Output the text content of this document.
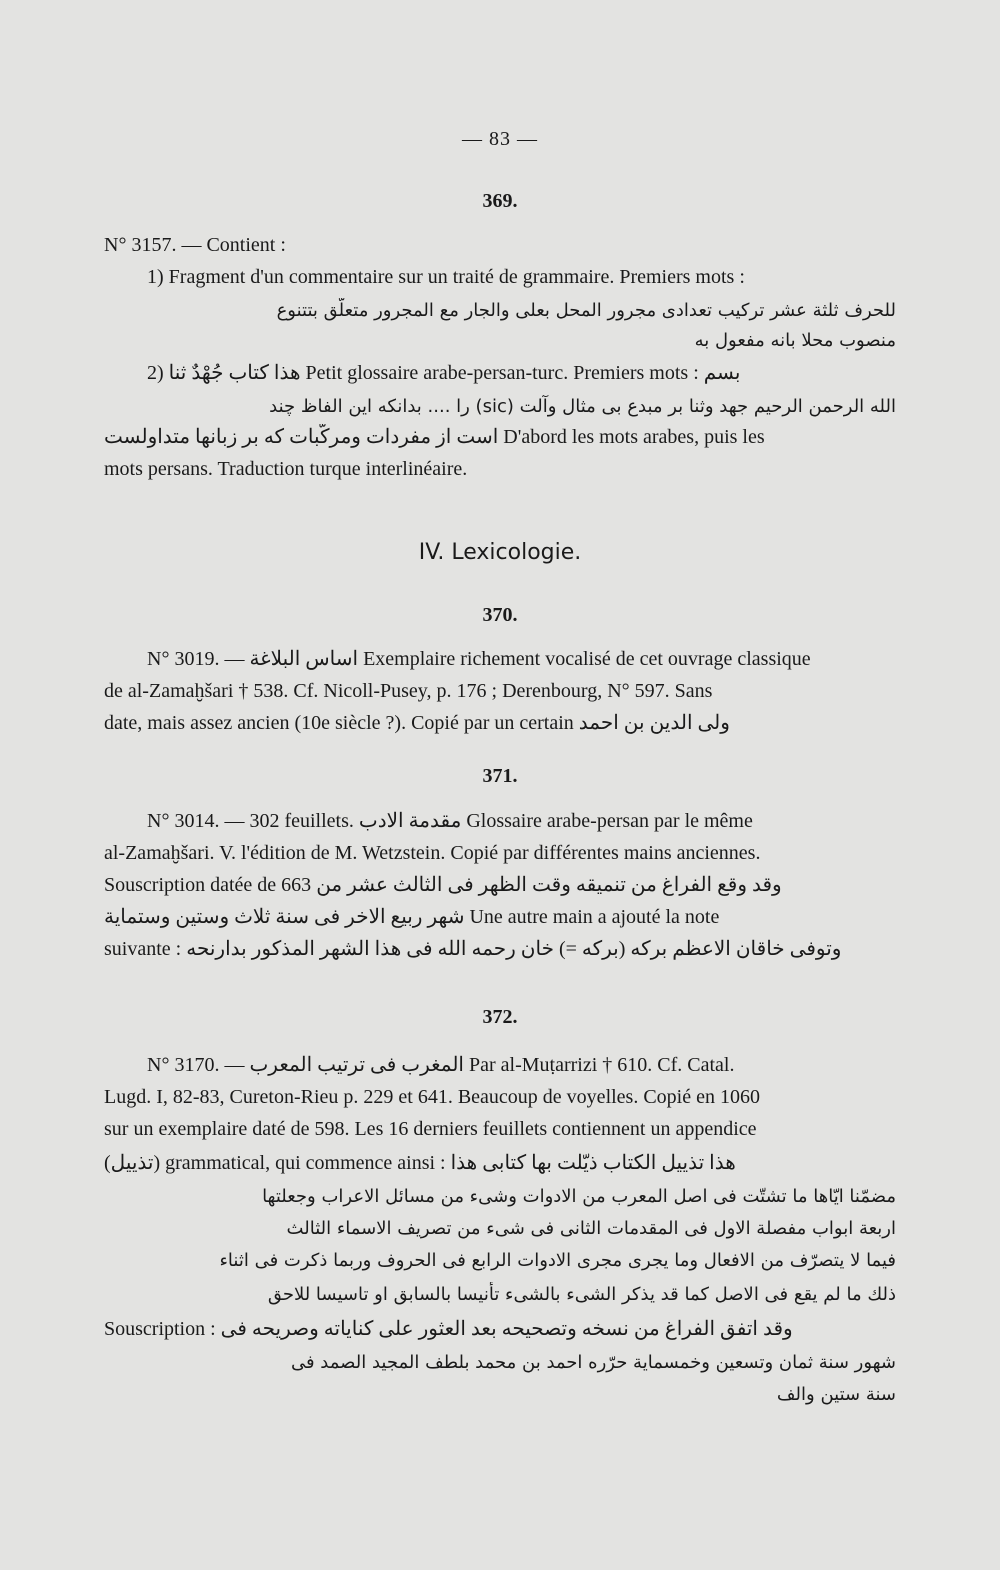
— 83 —
369.
N° 3157. — Contient :
1) Fragment d'un commentaire sur un traité de grammaire. Premiers mots :
للحرف ثلثة عشر تركيب تعدادى مجرور المحل بعلى والجار مع المجرور متعلّق بتتنوع
منصوب محلا بانه مفعول به
2) هذا كتاب جُهْدٌ ثنا Petit glossaire arabe-persan-turc. Premiers mots : بسم
الله الرحمن الرحيم جهد وثنا بر مبدع بى مثال وآلت (sic) را .... بدانكه اين الفاظ چند
است از مفردات ومركّبات كه بر زبانها متداولست D'abord les mots arabes, puis les
mots persans. Traduction turque interlinéaire.
IV. Lexicologie.
370.
N° 3019. — اساس البلاغة Exemplaire richement vocalisé de cet ouvrage classique
de al-Zamaḫšari † 538. Cf. Nicoll-Pusey, p. 176 ; Derenbourg, N° 597. Sans
date, mais assez ancien (10e siècle ?). Copié par un certain ولى الدين بن احمد
371.
N° 3014. — 302 feuillets. مقدمة الادب Glossaire arabe-persan par le même
al-Zamaḫšari. V. l'édition de M. Wetzstein. Copié par différentes mains anciennes.
Souscription datée de 663 وقد وقع الفراغ من تنميقه وقت الظهر فى الثالث عشر من
شهر ربيع الاخر فى سنة ثلاث وستين وستماية Une autre main a ajouté la note
suivante : وتوفى خاقان الاعظم بركه (بركه =) خان رحمه الله فى هذا الشهر المذكور بدارنحه
372.
N° 3170. — المغرب فى ترتيب المعرب Par al-Muṭarrizi † 610. Cf. Catal.
Lugd. I, 82-83, Cureton-Rieu p. 229 et 641. Beaucoup de voyelles. Copié en 1060
sur un exemplaire daté de 598. Les 16 derniers feuillets contiennent un appendice
(تذييل) grammatical, qui commence ainsi : هذا تذييل الكتاب ذيّلت بها كتابى هذا
مضمّنا ايّاها ما تشتّت فى اصل المعرب من الادوات وشىء من مسائل الاعراب وجعلتها
اربعة ابواب مفصلة الاول فى المقدمات الثانى فى شىء من تصريف الاسماء الثالث
فيما لا يتصرّف من الافعال وما يجرى مجرى الادوات الرابع فى الحروف وربما ذكرت فى اثناء
ذلك ما لم يقع فى الاصل كما قد يذكر الشىء بالشىء تأنيسا بالسابق او تاسيسا للاحق
Souscription : وقد اتفق الفراغ من نسخه وتصحيحه بعد العثور على كناياته وصريحه فى
شهور سنة ثمان وتسعين وخمسماية حرّره احمد بن محمد بلطف المجيد الصمد فى
سنة ستين والف
